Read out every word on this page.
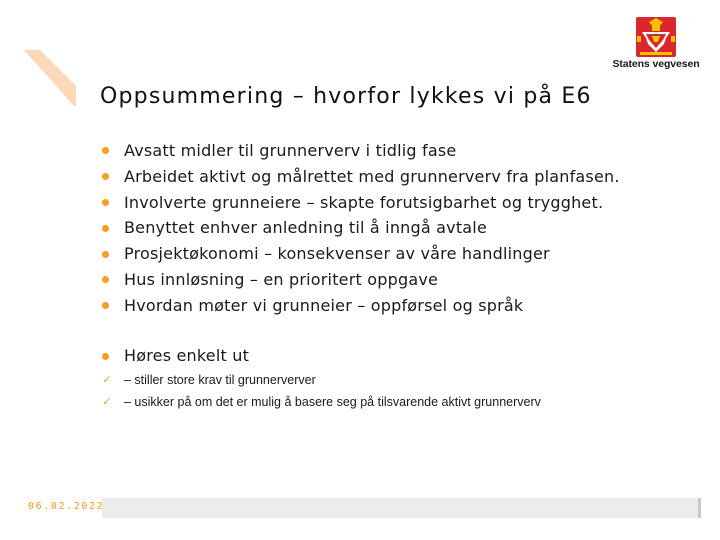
Statens vegvesen
Oppsummering – hvorfor lykkes vi på E6
Avsatt midler til grunnerverv i tidlig fase
Arbeidet aktivt og målrettet med grunnerverv fra planfasen.
Involverte grunneiere – skapte forutsigbarhet og trygghet.
Benyttet enhver anledning til å inngå avtale
Prosjektøkonomi – konsekvenser av våre handlinger
Hus innløsning – en prioritert oppgave
Hvordan møter vi grunneier – oppførsel og språk
Høres enkelt ut
✓ – stiller store krav til grunnerverver
✓ – usikker på om det er mulig å basere seg på tilsvarende aktivt grunnerverv
06.02.2022
